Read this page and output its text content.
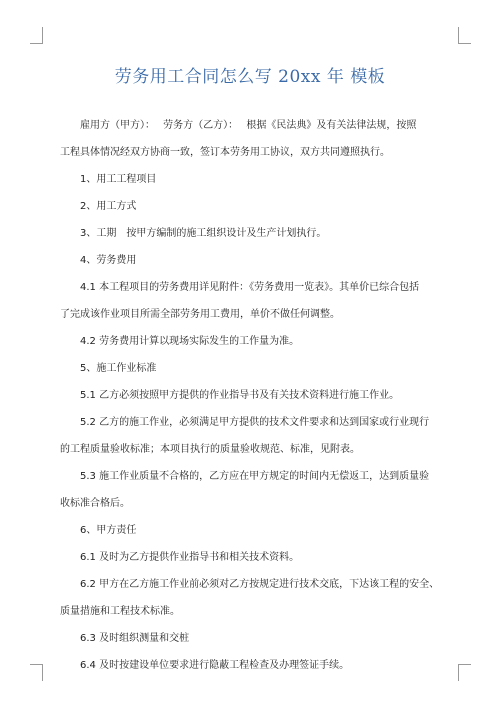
劳务用工合同怎么写 20xx 年 模板

雇用方（甲方）：　 劳务方（乙方）：　 根据《民法典》及有关法律法规，按照

工程具体情况经双方协商一致，签订本劳务用工协议，双方共同遵照执行。

1、用工工程项目

2、用工方式

3、工期　按甲方编制的施工组织设计及生产计划执行。

4、劳务费用

4.1 本工程项目的劳务费用详见附件：《劳务费用一览表》。其单价已综合包括

了完成该作业项目所需全部劳务用工费用，单价不做任何调整。

4.2 劳务费用计算以现场实际发生的工作量为准。

5、施工作业标准

5.1 乙方必须按照甲方提供的作业指导书及有关技术资料进行施工作业。

5.2 乙方的施工作业，必须满足甲方提供的技术文件要求和达到国家或行业现行

的工程质量验收标准；本项目执行的质量验收规范、标准，见附表。

5.3 施工作业质量不合格的，乙方应在甲方规定的时间内无偿返工，达到质量验

收标准合格后。

6、甲方责任

6.1 及时为乙方提供作业指导书和相关技术资料。

6.2 甲方在乙方施工作业前必须对乙方按规定进行技术交底，下达该工程的安全、

质量措施和工程技术标准。

6.3 及时组织测量和交桩

6.4 及时按建设单位要求进行隐蔽工程检查及办理签证手续。
